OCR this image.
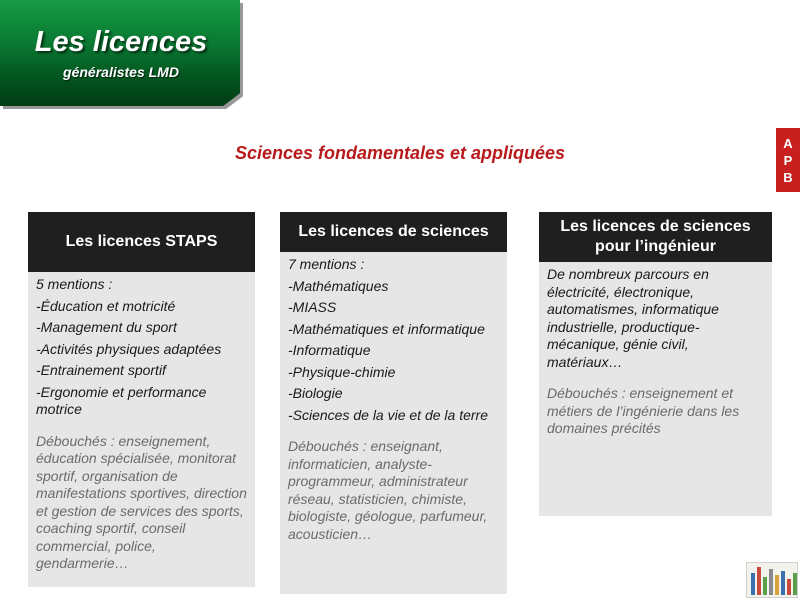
Les licences
généralistes LMD
A
P
B
Sciences fondamentales et appliquées
Les licences STAPS
5 mentions :
-Éducation et motricité
-Management du sport
-Activités physiques adaptées
-Entrainement sportif
-Ergonomie et performance motrice
Débouchés : enseignement, éducation spécialisée, monitorat sportif, organisation de manifestations sportives, direction et gestion de services des sports, coaching sportif, conseil commercial, police, gendarmerie…
Les licences de sciences
7 mentions :
-Mathématiques
-MIASS
-Mathématiques et informatique
-Informatique
-Physique-chimie
-Biologie
-Sciences de la vie et de la terre
Débouchés : enseignant, informaticien, analyste-programmeur, administrateur réseau, statisticien, chimiste, biologiste, géologue, parfumeur, acousticien…
Les licences de sciences pour l’ingénieur
De nombreux parcours en électricité, électronique, automatismes, informatique industrielle, productique-mécanique, génie civil, matériaux…
Débouchés : enseignement et métiers de l’ingénierie dans les domaines précités
